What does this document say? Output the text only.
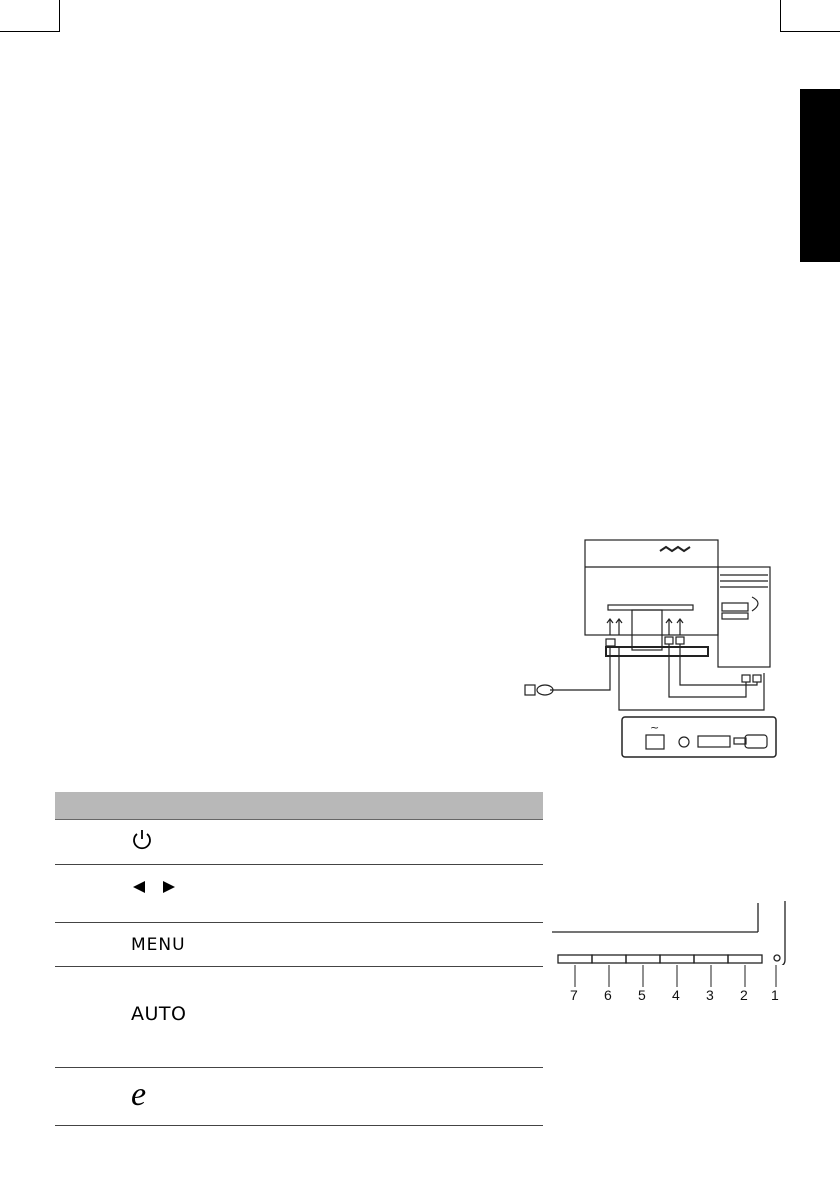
~
MENU
AUTO
e
7 6 5 4 3 2 1
